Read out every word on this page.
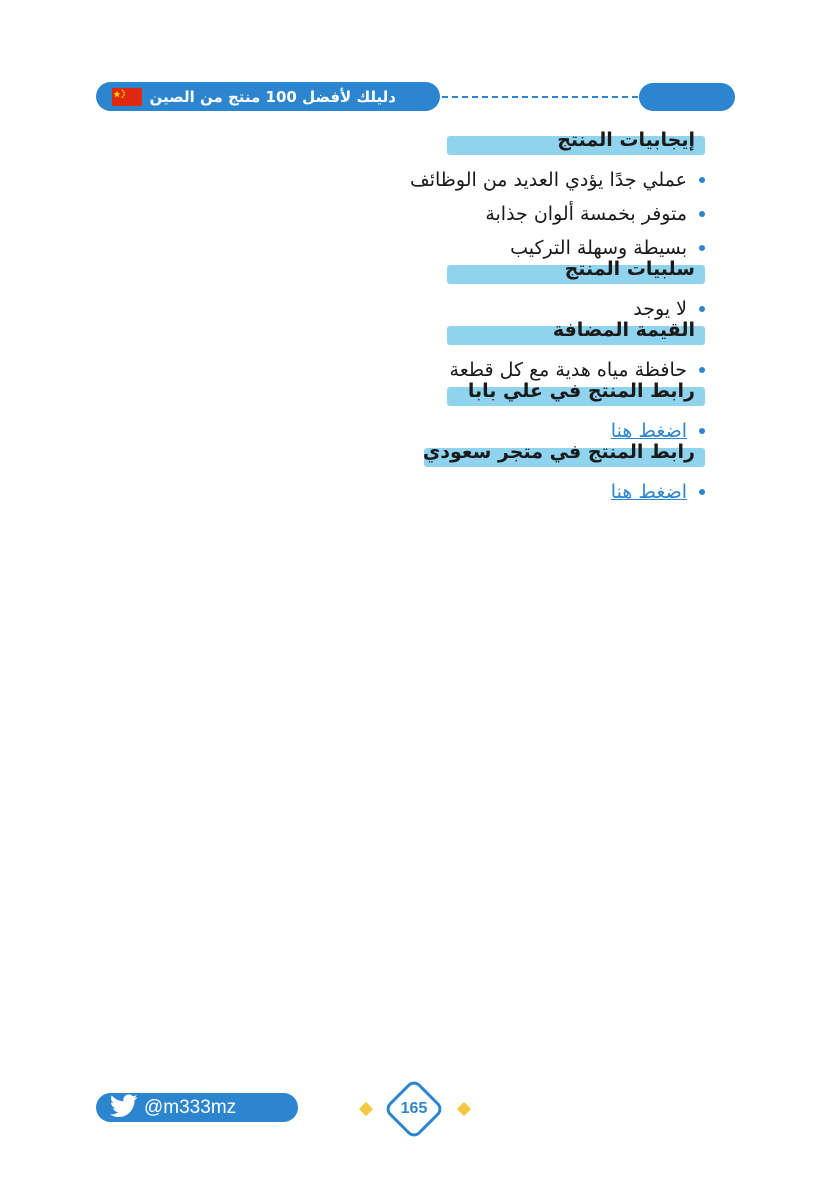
دليلك لأفضل 100 منتج من الصين
إيجابيات المنتج
عملي جدًا يؤدي العديد من الوظائف
متوفر بخمسة ألوان جذابة
بسيطة وسهلة التركيب
سلبيات المنتج
لا يوجد
القيمة المضافة
حافظة مياه هدية مع كل قطعة
رابط المنتج في علي بابا
اضغط هنا
رابط المنتج في متجر سعودي
اضغط هنا
@m333mz	165
